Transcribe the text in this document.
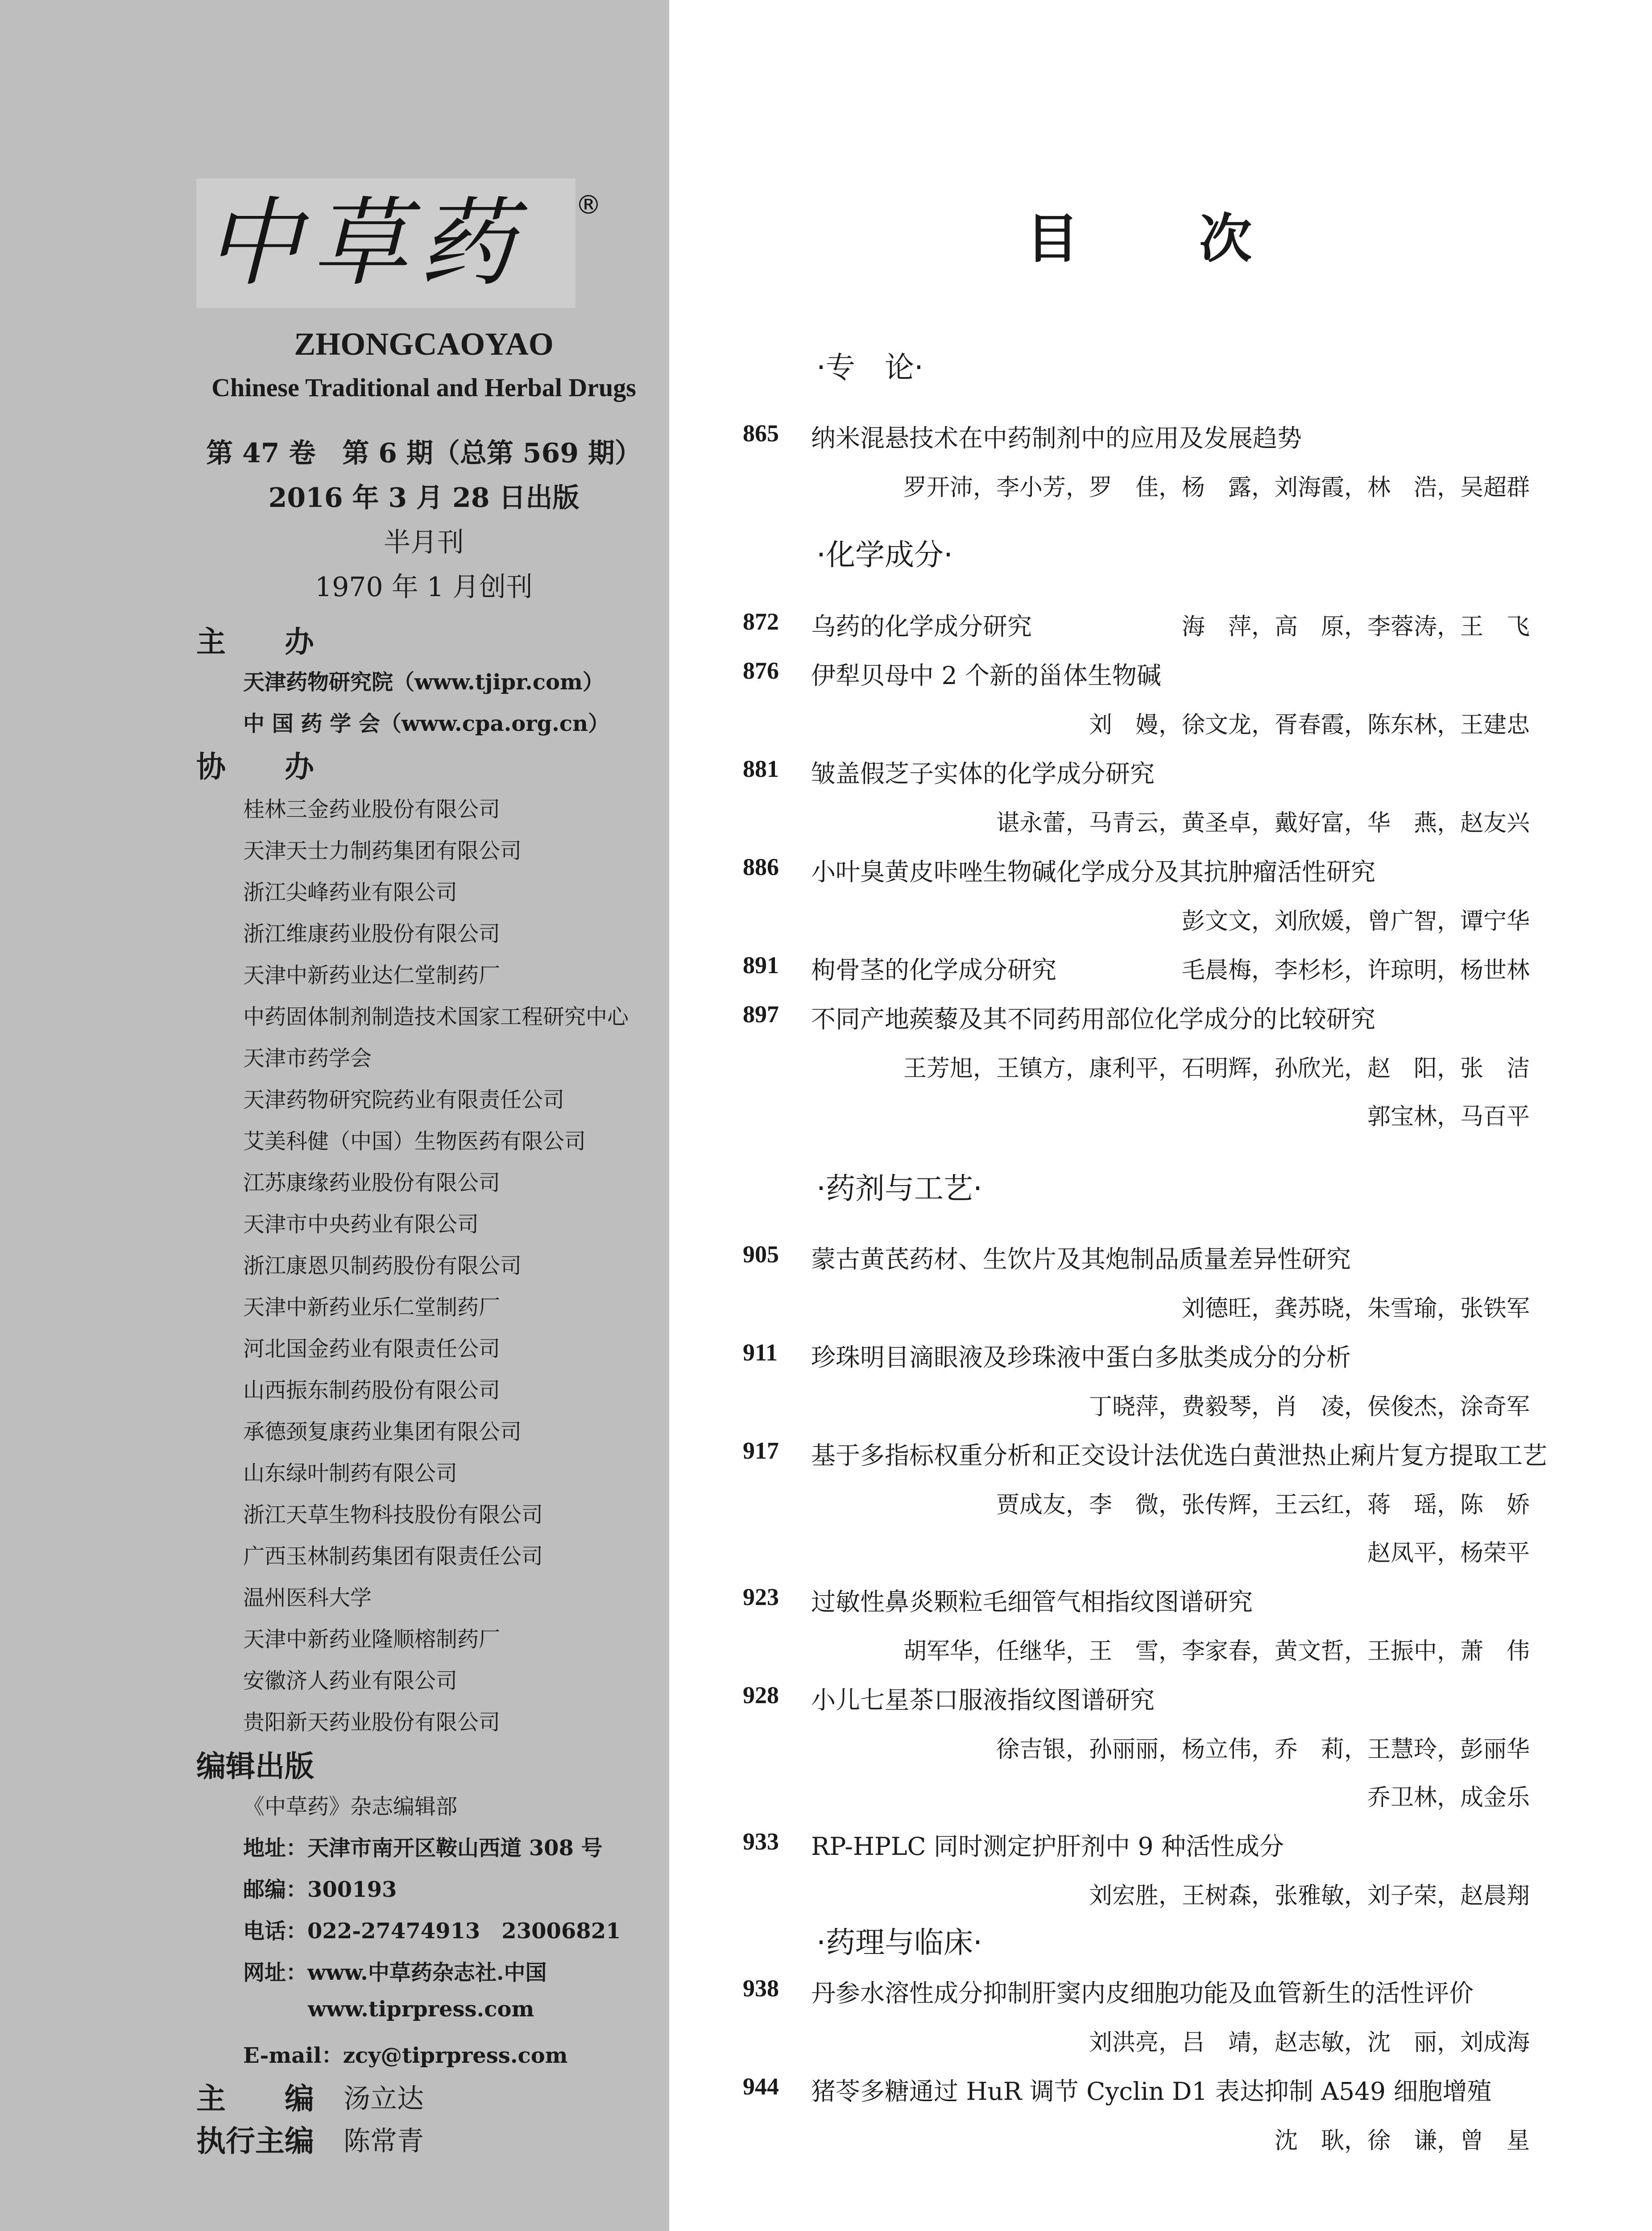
中草药 ®
ZHONGCAOYAO
Chinese Traditional and Herbal Drugs
第 47 卷　第 6 期（总第 569 期）
2016 年 3 月 28 日出版
半月刊
1970 年 1 月创刊
主　　办
天津药物研究院（www.tjipr.com）
中 国 药 学 会（www.cpa.org.cn）
协　　办
桂林三金药业股份有限公司
天津天士力制药集团有限公司
浙江尖峰药业有限公司
浙江维康药业股份有限公司
天津中新药业达仁堂制药厂
中药固体制剂制造技术国家工程研究中心
天津市药学会
天津药物研究院药业有限责任公司
艾美科健（中国）生物医药有限公司
江苏康缘药业股份有限公司
天津市中央药业有限公司
浙江康恩贝制药股份有限公司
天津中新药业乐仁堂制药厂
河北国金药业有限责任公司
山西振东制药股份有限公司
承德颈复康药业集团有限公司
山东绿叶制药有限公司
浙江天草生物科技股份有限公司
广西玉林制药集团有限责任公司
温州医科大学
天津中新药业隆顺榕制药厂
安徽济人药业有限公司
贵阳新天药业股份有限公司
编辑出版
《中草药》杂志编辑部
地址：天津市南开区鞍山西道 308 号
邮编：300193
电话：022-27474913　23006821
网址：www.中草药杂志社.中国
www.tiprpress.com
E-mail：zcy@tiprpress.com
主　　编 汤立达
执行主编 陈常青
目次
·专　论·
865 纳米混悬技术在中药制剂中的应用及发展趋势
罗开沛，李小芳，罗　佳，杨　露，刘海霞，林　浩，吴超群
·化学成分·
872 乌药的化学成分研究	海　萍，高　原，李蓉涛，王　飞
876 伊犁贝母中 2 个新的甾体生物碱
刘　嫚，徐文龙，胥春霞，陈东林，王建忠
881 皱盖假芝子实体的化学成分研究
谌永蕾，马青云，黄圣卓，戴好富，华　燕，赵友兴
886 小叶臭黄皮咔唑生物碱化学成分及其抗肿瘤活性研究
彭文文，刘欣媛，曾广智，谭宁华
891 枸骨茎的化学成分研究	毛晨梅，李杉杉，许琼明，杨世林
897 不同产地蒺藜及其不同药用部位化学成分的比较研究
王芳旭，王镇方，康利平，石明辉，孙欣光，赵　阳，张　洁
郭宝林，马百平
·药剂与工艺·
905 蒙古黄芪药材、生饮片及其炮制品质量差异性研究
刘德旺，龚苏晓，朱雪瑜，张铁军
911 珍珠明目滴眼液及珍珠液中蛋白多肽类成分的分析
丁晓萍，费毅琴，肖　凌，侯俊杰，涂奇军
917 基于多指标权重分析和正交设计法优选白黄泄热止痢片复方提取工艺
贾成友，李　微，张传辉，王云红，蒋　瑶，陈　娇
赵凤平，杨荣平
923 过敏性鼻炎颗粒毛细管气相指纹图谱研究
胡军华，任继华，王　雪，李家春，黄文哲，王振中，萧　伟
928 小儿七星茶口服液指纹图谱研究
徐吉银，孙丽丽，杨立伟，乔　莉，王慧玲，彭丽华
乔卫林，成金乐
933 RP-HPLC 同时测定护肝剂中 9 种活性成分
刘宏胜，王树森，张雅敏，刘子荣，赵晨翔
·药理与临床·
938 丹参水溶性成分抑制肝窦内皮细胞功能及血管新生的活性评价
刘洪亮，吕　靖，赵志敏，沈　丽，刘成海
944 猪苓多糖通过 HuR 调节 Cyclin D1 表达抑制 A549 细胞增殖
沈　耿，徐　谦，曾　星
